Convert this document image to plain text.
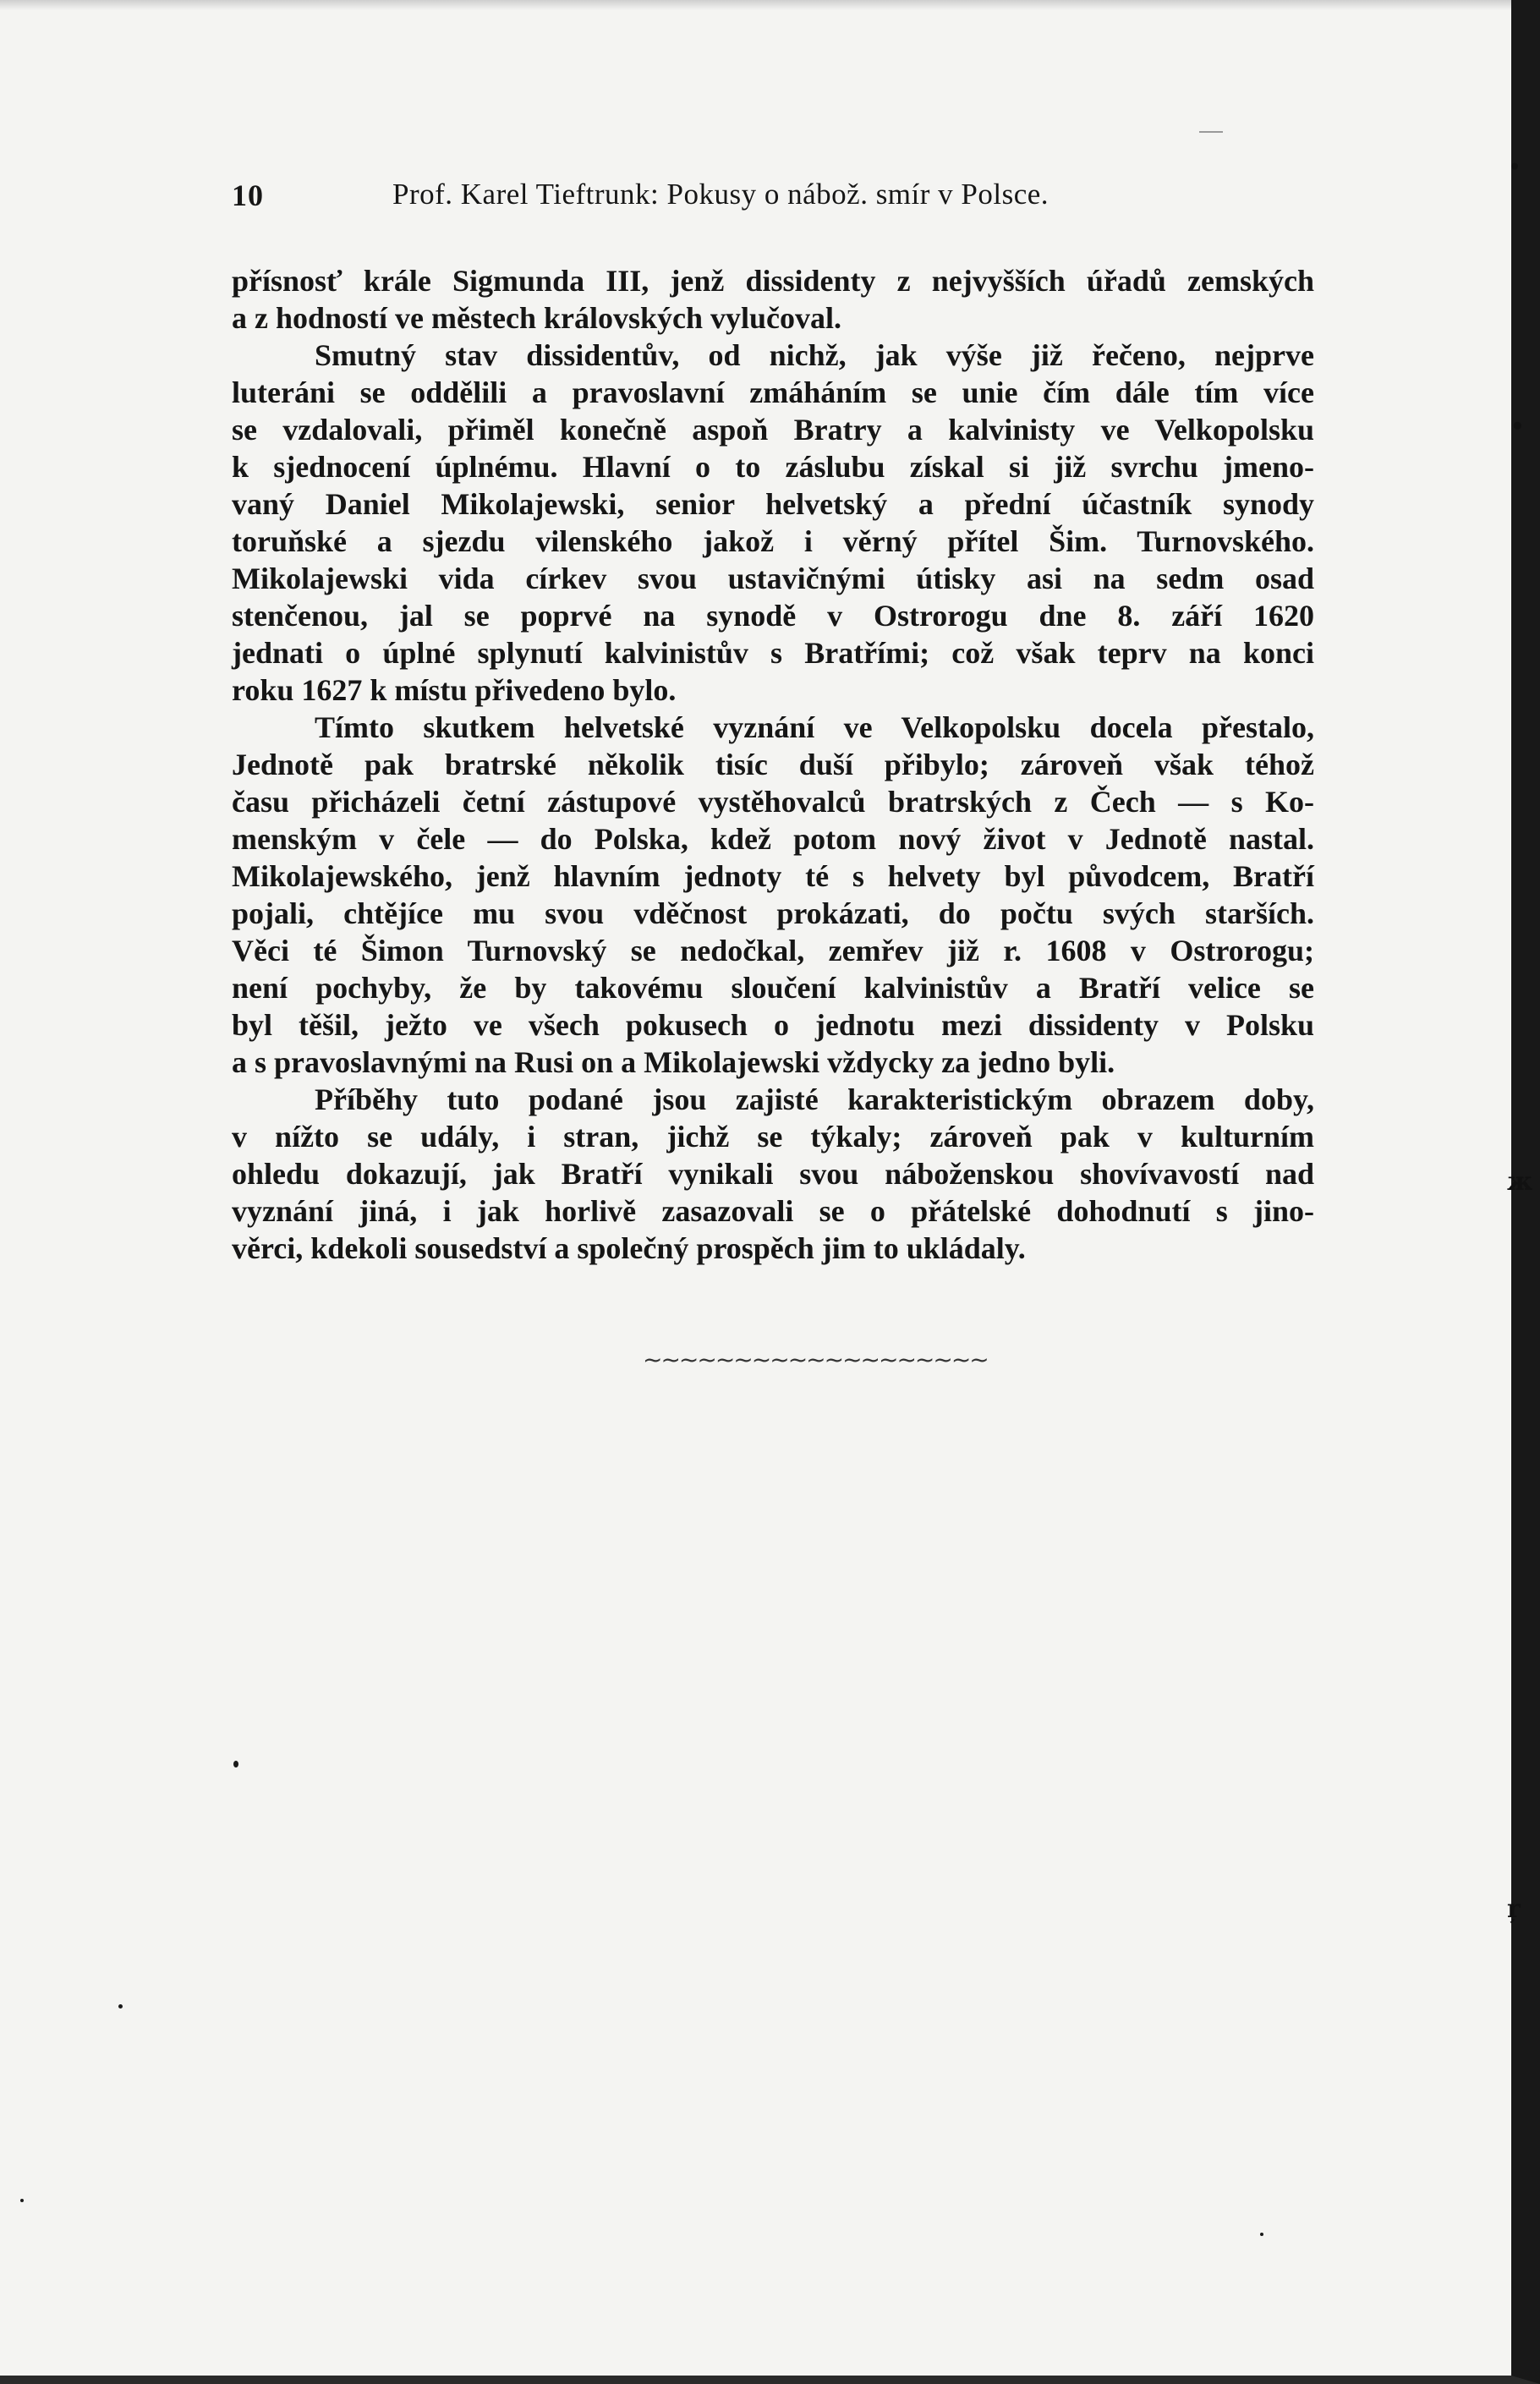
10	Prof. Karel Tieftrunk: Pokusy o nábož. smír v Polsce.
přísnosť krále Sigmunda III, jenž dissidenty z nejvyšších úřadů zemských
a z hodností ve městech královských vylučoval.
Smutný stav dissidentův, od nichž, jak výše již řečeno, nejprve
luteráni se oddělili a pravoslavní zmáháním se unie čím dále tím více
se vzdalovali, přiměl konečně aspoň Bratry a kalvinisty ve Velkopolsku
k sjednocení úplnému. Hlavní o to záslubu získal si již svrchu jmeno-
vaný Daniel Mikolajewski, senior helvetský a přední účastník synody
toruňské a sjezdu vilenského jakož i věrný přítel Šim. Turnovského.
Mikolajewski vida církev svou ustavičnými útisky asi na sedm osad
stenčenou, jal se poprvé na synodě v Ostrorogu dne 8. září 1620
jednati o úplné splynutí kalvinistův s Bratřími; což však teprv na konci
roku 1627 k místu přivedeno bylo.
Tímto skutkem helvetské vyznání ve Velkopolsku docela přestalo,
Jednotě pak bratrské několik tisíc duší přibylo; zároveň však téhož
času přicházeli četní zástupové vystěhovalců bratrských z Čech — s Ko-
menským v čele — do Polska, kdež potom nový život v Jednotě nastal.
Mikolajewského, jenž hlavním jednoty té s helvety byl původcem, Bratří
pojali, chtějíce mu svou vděčnost prokázati, do počtu svých starších.
Věci té Šimon Turnovský se nedočkal, zemřev již r. 1608 v Ostrorogu;
není pochyby, že by takovému sloučení kalvinistův a Bratří velice se
byl těšil, ježto ve všech pokusech o jednotu mezi dissidenty v Polsku
a s pravoslavnými na Rusi on a Mikolajewski vždycky za jedno byli.
Příběhy tuto podané jsou zajisté karakteristickým obrazem doby,
v nížto se udály, i stran, jichž se týkaly; zároveň pak v kulturním
ohledu dokazují, jak Bratří vynikali svou náboženskou shovívavostí nad
vyznání jiná, i jak horlivě zasazovali se o přátelské dohodnutí s jino-
věrci, kdekoli sousedství a společný prospěch jim to ukládaly.
~~~~~~~~~~~~~~~~~~~
•
•
ж
ŗ
